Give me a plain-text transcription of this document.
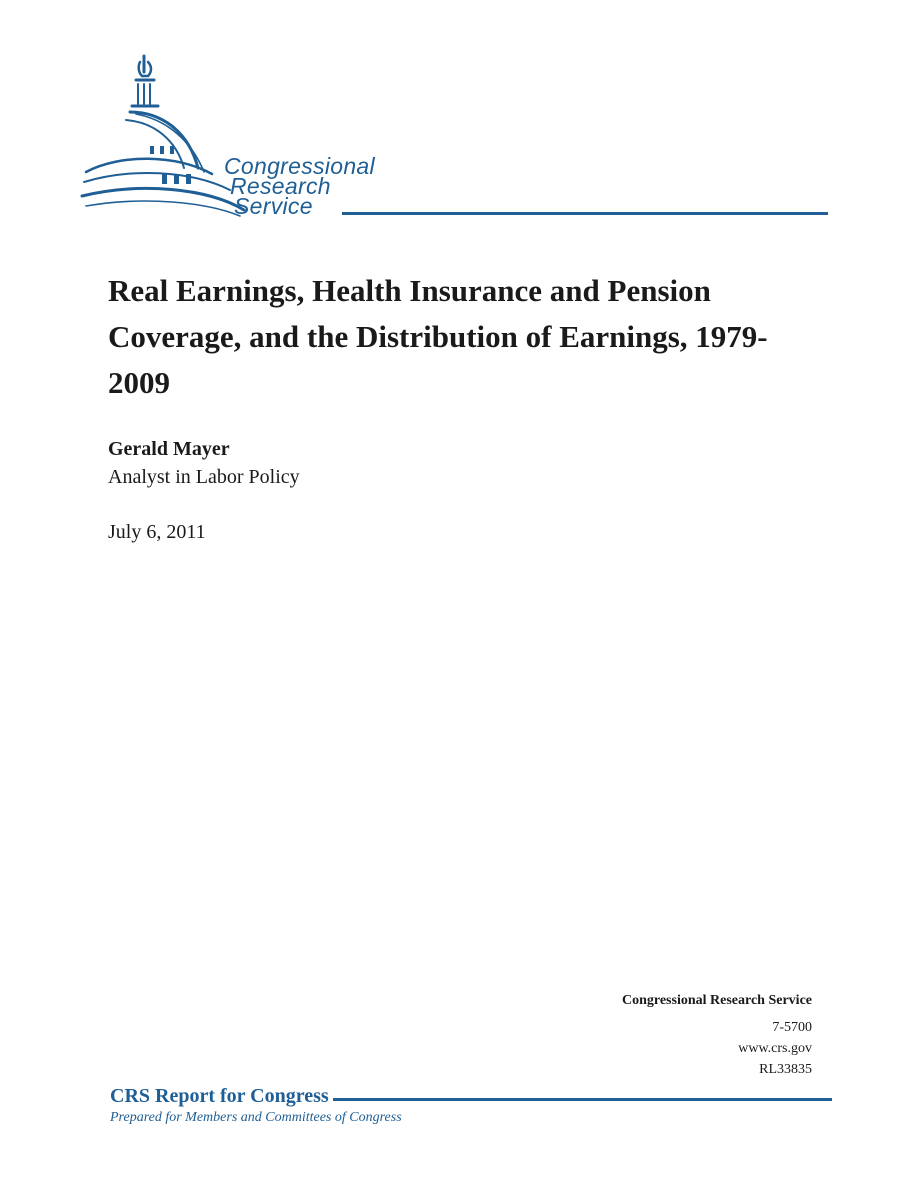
Congressional
Research
Service
Real Earnings, Health Insurance and Pension Coverage, and the Distribution of Earnings, 1979-2009
Gerald Mayer
Analyst in Labor Policy
July 6, 2011
Congressional Research Service
7-5700
www.crs.gov
RL33835
CRS Report for Congress
Prepared for Members and Committees of Congress
